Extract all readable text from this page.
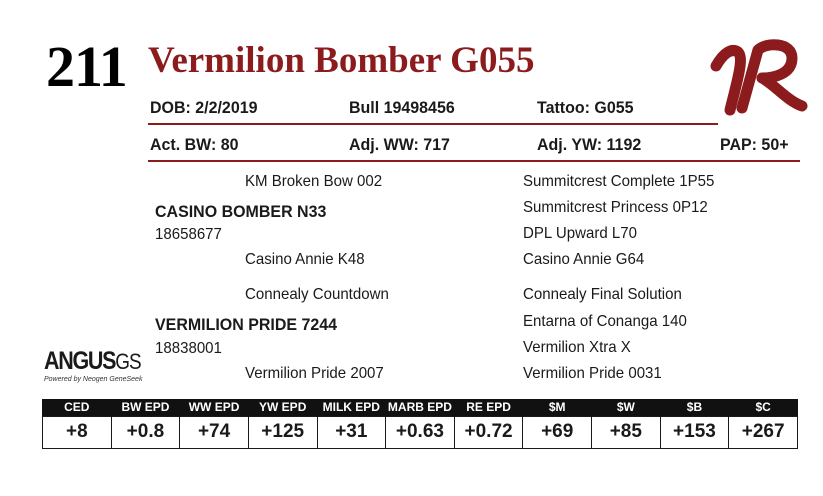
211 Vermilion Bomber G055
DOB: 2/2/2019	Bull 19498456	Tattoo: G055
Act. BW: 80	Adj. WW: 717	Adj. YW: 1192	PAP: 50+
KM Broken Bow 002
CASINO BOMBER N33
18658677
Casino Annie K48
Summitcrest Complete 1P55
Summitcrest Princess 0P12
DPL Upward L70
Casino Annie G64
Connealy Countdown
VERMILION PRIDE 7244
18838001
Vermilion Pride 2007
Connealy Final Solution
Entarna of Conanga 140
Vermilion Xtra X
Vermilion Pride 0031
ANGUSGS
Powered by Neogen GeneSeek
CED	BW EPD	WW EPD	YW EPD	MILK EPD	MARB EPD	RE EPD	$M	$W	$B	$C
+8	+0.8	+74	+125	+31	+0.63	+0.72	+69	+85	+153	+267
